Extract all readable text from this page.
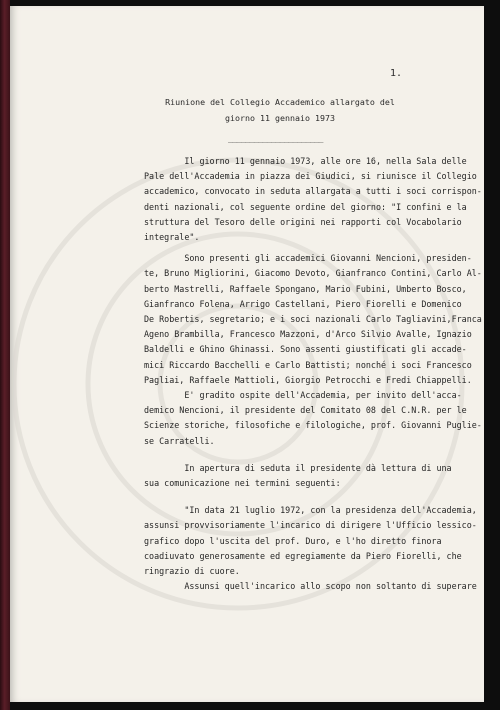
1.
Riunione del Collegio Accademico allargato del
giorno 11 gennaio 1973
______________________

Il giorno 11 gennaio 1973, alle ore 16, nella Sala delle
Pale dell'Accademia in piazza dei Giudici, si riunisce il Collegio
accademico, convocato in seduta allargata a tutti i soci corrispon-
denti nazionali, col seguente ordine del giorno: "I confini e la
struttura del Tesoro delle origini nei rapporti col Vocabolario
integrale".

Sono presenti gli accademici Giovanni Nencioni, presiden-
te, Bruno Migliorini, Giacomo Devoto, Gianfranco Contini, Carlo Al-
berto Mastrelli, Raffaele Spongano, Mario Fubini, Umberto Bosco,
Gianfranco Folena, Arrigo Castellani, Piero Fiorelli e Domenico
De Robertis, segretario; e i soci nazionali Carlo Tagliavini,Franca
Ageno Brambilla, Francesco Mazzoni, d'Arco Silvio Avalle, Ignazio
Baldelli e Ghino Ghinassi. Sono assenti giustificati gli accade-
mici Riccardo Bacchelli e Carlo Battisti; nonché i soci Francesco
Pagliai, Raffaele Mattioli, Giorgio Petrocchi e Fredi Chiappelli.

E' gradito ospite dell'Accademia, per invito dell'acca-
demico Nencioni, il presidente del Comitato 08 del C.N.R. per le
Scienze storiche, filosofiche e filologiche, prof. Giovanni Puglie-
se Carratelli.

In apertura di seduta il presidente dà lettura di una
sua comunicazione nei termini seguenti:

"In data 21 luglio 1972, con la presidenza dell'Accademia,
assunsi provvisoriamente l'incarico di dirigere l'Ufficio lessico-
grafico dopo l'uscita del prof. Duro, e l'ho diretto finora
coadiuvato generosamente ed egregiamente da Piero Fiorelli, che
ringrazio di cuore.
Assunsi quell'incarico allo scopo non soltanto di superare
